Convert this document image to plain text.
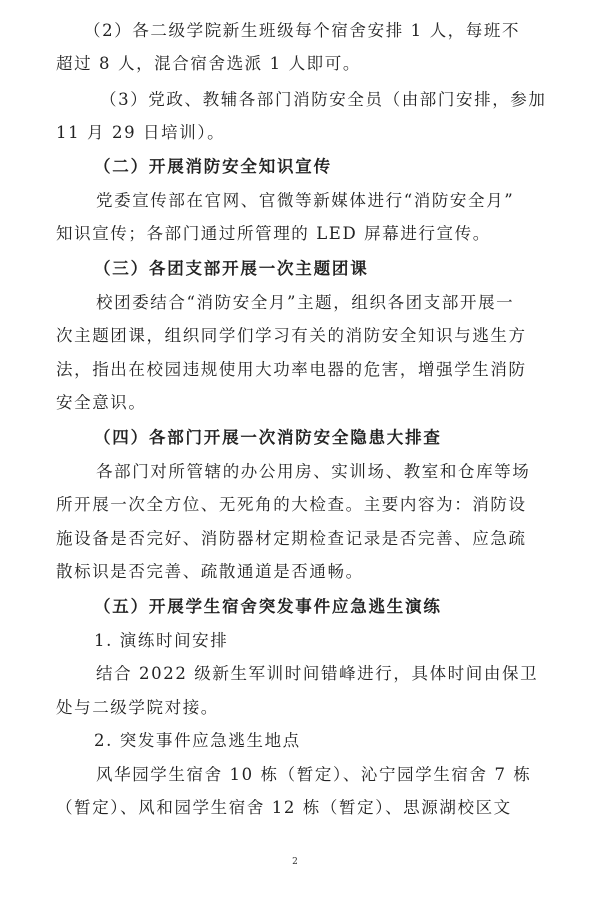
（2）各二级学院新生班级每个宿舍安排 1 人，每班不
超过 8 人，混合宿舍选派 1 人即可。
（3）党政、教辅各部门消防安全员（由部门安排，参加
11 月 29 日培训）。
（二）开展消防安全知识宣传
党委宣传部在官网、官微等新媒体进行“消防安全月”
知识宣传；各部门通过所管理的 LED 屏幕进行宣传。
（三）各团支部开展一次主题团课
校团委结合“消防安全月”主题，组织各团支部开展一
次主题团课，组织同学们学习有关的消防安全知识与逃生方
法，指出在校园违规使用大功率电器的危害，增强学生消防
安全意识。
（四）各部门开展一次消防安全隐患大排查
各部门对所管辖的办公用房、实训场、教室和仓库等场
所开展一次全方位、无死角的大检查。主要内容为：消防设
施设备是否完好、消防器材定期检查记录是否完善、应急疏
散标识是否完善、疏散通道是否通畅。
（五）开展学生宿舍突发事件应急逃生演练
1. 演练时间安排
结合 2022 级新生军训时间错峰进行，具体时间由保卫
处与二级学院对接。
2. 突发事件应急逃生地点
风华园学生宿舍 10 栋（暂定）、沁宁园学生宿舍 7 栋
（暂定）、风和园学生宿舍 12 栋（暂定）、思源湖校区文
2
